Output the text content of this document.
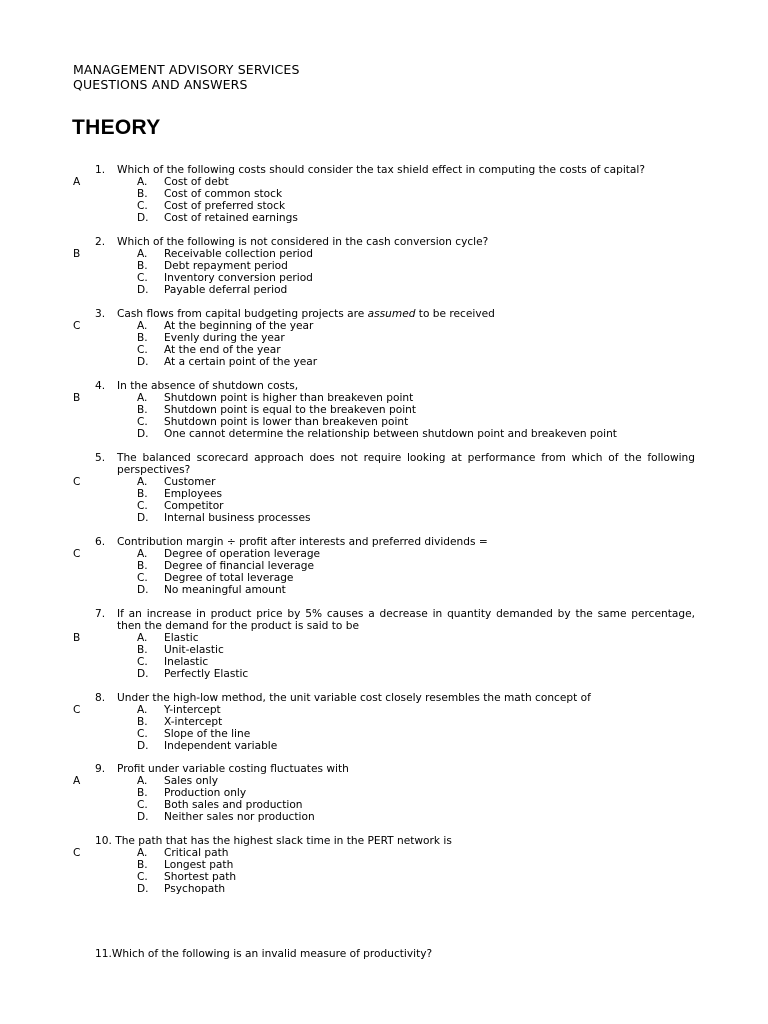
MANAGEMENT ADVISORY SERVICES
QUESTIONS AND ANSWERS
THEORY
1. Which of the following costs should consider the tax shield effect in computing the costs of capital?
A	A. Cost of debt
B. Cost of common stock
C. Cost of preferred stock
D. Cost of retained earnings
2. Which of the following is not considered in the cash conversion cycle?
B	A. Receivable collection period
B. Debt repayment period
C. Inventory conversion period
D. Payable deferral period
3. Cash flows from capital budgeting projects are assumed to be received
C	A. At the beginning of the year
B. Evenly during the year
C. At the end of the year
D. At a certain point of the year
4. In the absence of shutdown costs,
B	A. Shutdown point is higher than breakeven point
B. Shutdown point is equal to the breakeven point
C. Shutdown point is lower than breakeven point
D. One cannot determine the relationship between shutdown point and breakeven point
5.	The balanced scorecard approach does not require looking at performance from which of the following perspectives?
C	A. Customer
B. Employees
C. Competitor
D. Internal business processes
6. Contribution margin ÷ profit after interests and preferred dividends =
C	A. Degree of operation leverage
B. Degree of financial leverage
C. Degree of total leverage
D. No meaningful amount
7.	If an increase in product price by 5% causes a decrease in quantity demanded by the same percentage, then the demand for the product is said to be
B	A. Elastic
B. Unit-elastic
C. Inelastic
D. Perfectly Elastic
8. Under the high-low method, the unit variable cost closely resembles the math concept of
C	A. Y-intercept
B. X-intercept
C. Slope of the line
D. Independent variable
9. Profit under variable costing fluctuates with
A	A. Sales only
B. Production only
C. Both sales and production
D. Neither sales nor production
10. The path that has the highest slack time in the PERT network is
C	A. Critical path
B. Longest path
C. Shortest path
D. Psychopath
11.Which of the following is an invalid measure of productivity?
